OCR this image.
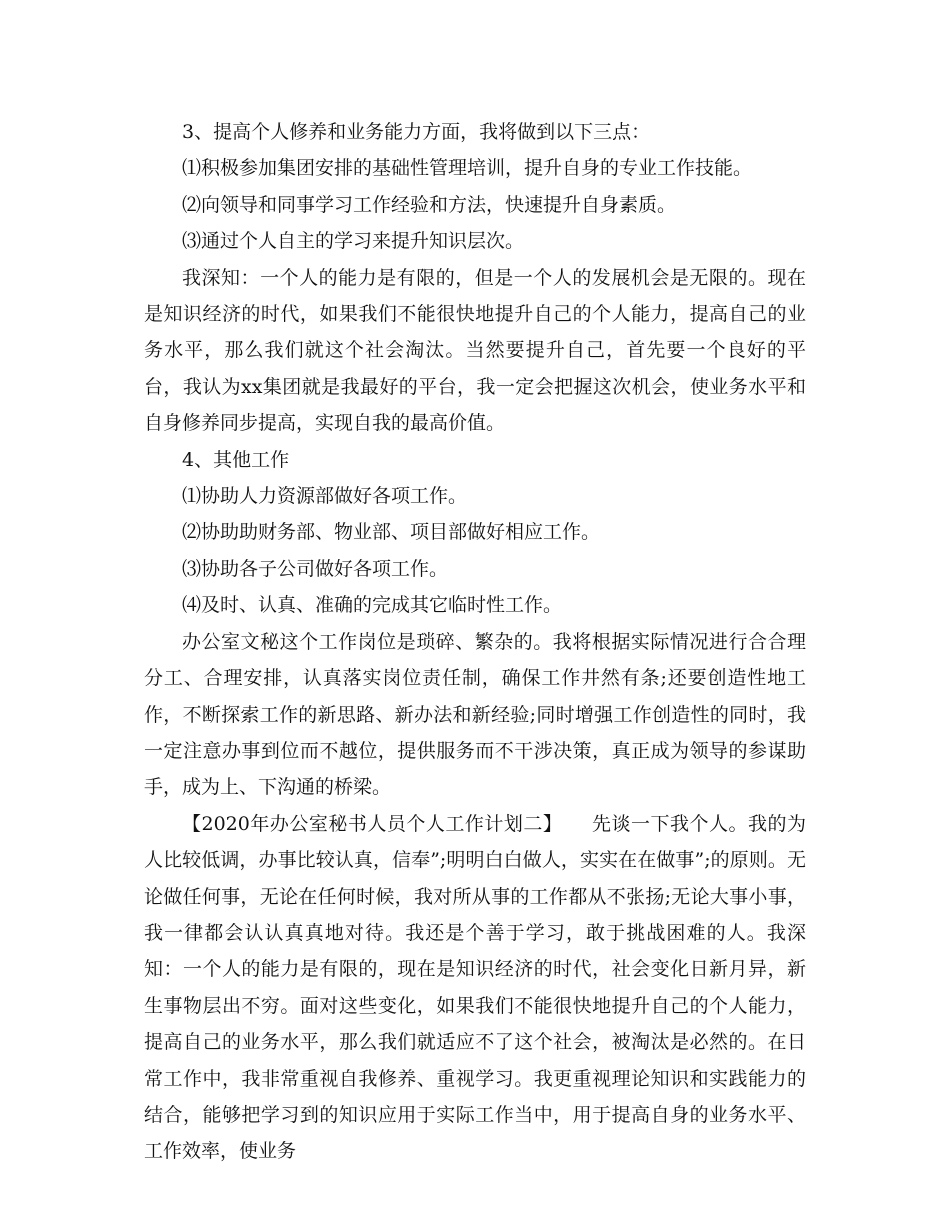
3、提高个人修养和业务能力方面，我将做到以下三点：

⑴积极参加集团安排的基础性管理培训，提升自身的专业工作技能。

⑵向领导和同事学习工作经验和方法，快速提升自身素质。

⑶通过个人自主的学习来提升知识层次。

我深知：一个人的能力是有限的，但是一个人的发展机会是无限的。现在是知识经济的时代，如果我们不能很快地提升自己的个人能力，提高自己的业务水平，那么我们就这个社会淘汰。当然要提升自己，首先要一个良好的平台，我认为xx集团就是我最好的平台，我一定会把握这次机会，使业务水平和自身修养同步提高，实现自我的最高价值。

4、其他工作

⑴协助人力资源部做好各项工作。

⑵协助助财务部、物业部、项目部做好相应工作。

⑶协助各子公司做好各项工作。

⑷及时、认真、准确的完成其它临时性工作。

办公室文秘这个工作岗位是琐碎、繁杂的。我将根据实际情况进行合合理分工、合理安排，认真落实岗位责任制，确保工作井然有条;还要创造性地工作，不断探索工作的新思路、新办法和新经验;同时增强工作创造性的同时，我一定注意办事到位而不越位，提供服务而不干涉决策，真正成为领导的参谋助手，成为上、下沟通的桥梁。

【2020年办公室秘书人员个人工作计划二】　　先谈一下我个人。我的为人比较低调，办事比较认真，信奉”;明明白白做人，实实在在做事”;的原则。无论做任何事，无论在任何时候，我对所从事的工作都从不张扬;无论大事小事，我一律都会认认真真地对待。我还是个善于学习，敢于挑战困难的人。我深知：一个人的能力是有限的，现在是知识经济的时代，社会变化日新月异，新生事物层出不穷。面对这些变化，如果我们不能很快地提升自己的个人能力，提高自己的业务水平，那么我们就适应不了这个社会，被淘汰是必然的。在日常工作中，我非常重视自我修养、重视学习。我更重视理论知识和实践能力的结合，能够把学习到的知识应用于实际工作当中，用于提高自身的业务水平、工作效率，使业务
